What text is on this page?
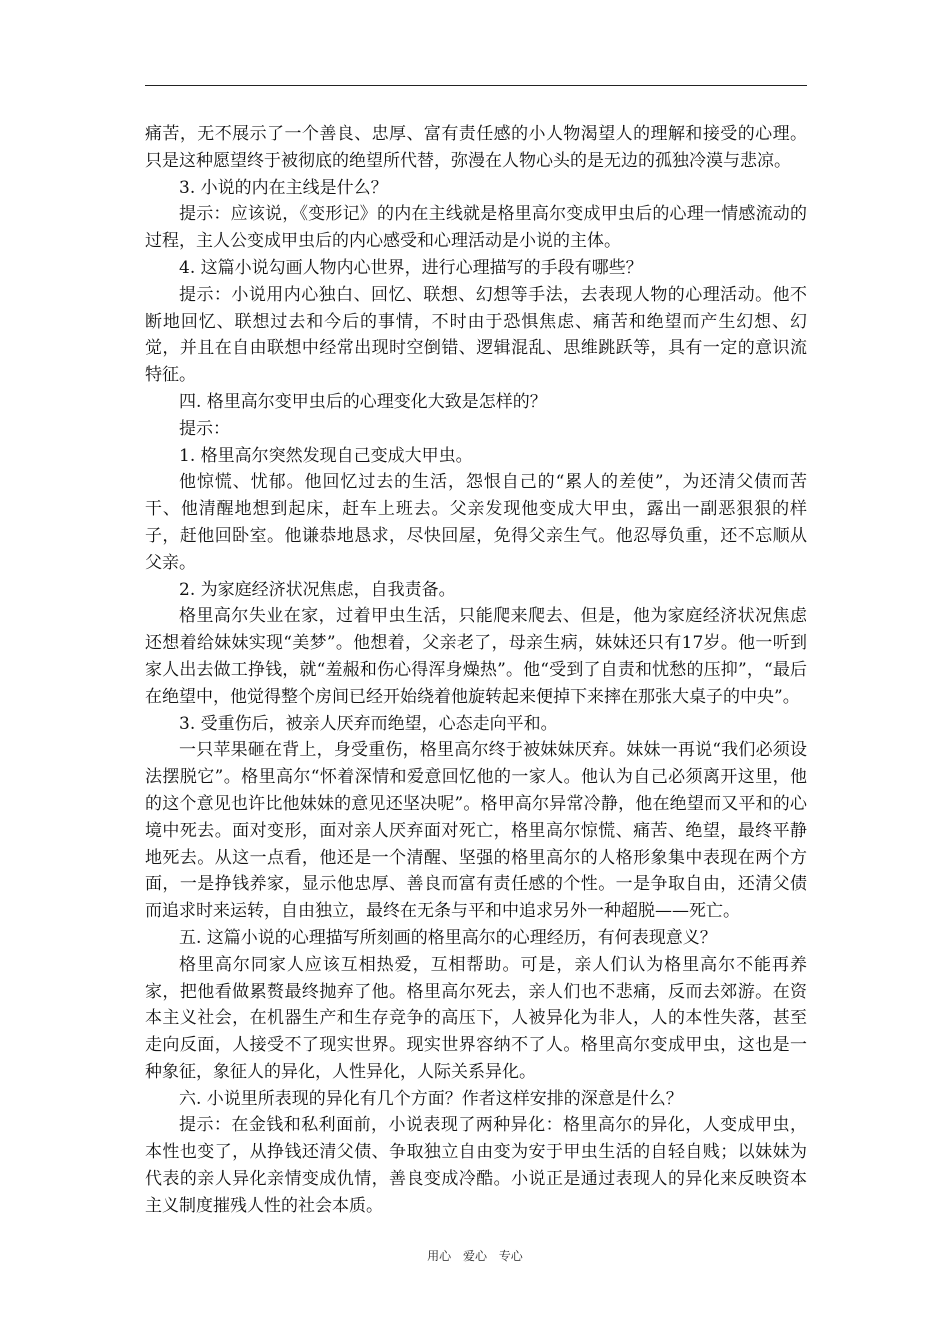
痛苦，无不展示了一个善良、忠厚、富有责任感的小人物渴望人的理解和接受的心理。只是这种愿望终于被彻底的绝望所代替，弥漫在人物心头的是无边的孤独冷漠与悲凉。

3. 小说的内在主线是什么？

提示：应该说，《变形记》的内在主线就是格里高尔变成甲虫后的心理一情感流动的过程，主人公变成甲虫后的内心感受和心理活动是小说的主体。

4. 这篇小说勾画人物内心世界，进行心理描写的手段有哪些？

提示：小说用内心独白、回忆、联想、幻想等手法，去表现人物的心理活动。他不断地回忆、联想过去和今后的事情，不时由于恐惧焦虑、痛苦和绝望而产生幻想、幻觉，并且在自由联想中经常出现时空倒错、逻辑混乱、思维跳跃等，具有一定的意识流特征。

四. 格里高尔变甲虫后的心理变化大致是怎样的？

提示：

1. 格里高尔突然发现自己变成大甲虫。

他惊慌、忧郁。他回忆过去的生活，怨恨自己的“累人的差使”，为还清父债而苦干、他清醒地想到起床，赶车上班去。父亲发现他变成大甲虫，露出一副恶狠狠的样子，赶他回卧室。他谦恭地恳求，尽快回屋，免得父亲生气。他忍辱负重，还不忘顺从父亲。

2. 为家庭经济状况焦虑，自我责备。

格里高尔失业在家，过着甲虫生活，只能爬来爬去、但是，他为家庭经济状况焦虑还想着给妹妹实现“美梦”。他想着，父亲老了，母亲生病，妹妹还只有17岁。他一听到家人出去做工挣钱，就“羞赧和伤心得浑身燥热”。他“受到了自责和忧愁的压抑”，“最后在绝望中，他觉得整个房间已经开始绕着他旋转起来便掉下来摔在那张大桌子的中央”。

3. 受重伤后，被亲人厌弃而绝望，心态走向平和。

一只苹果砸在背上，身受重伤，格里高尔终于被妹妹厌弃。妹妹一再说“我们必须设法摆脱它”。格里高尔“怀着深情和爱意回忆他的一家人。他认为自己必须离开这里，他的这个意见也许比他妹妹的意见还坚决呢”。格甲高尔异常冷静，他在绝望而又平和的心境中死去。面对变形，面对亲人厌弃面对死亡，格里高尔惊慌、痛苦、绝望，最终平静地死去。从这一点看，他还是一个清醒、坚强的格里高尔的人格形象集中表现在两个方面，一是挣钱养家，显示他忠厚、善良而富有责任感的个性。一是争取自由，还清父债而追求时来运转，自由独立，最终在无条与平和中追求另外一种超脱——死亡。

五. 这篇小说的心理描写所刻画的格里高尔的心理经历，有何表现意义？

格里高尔同家人应该互相热爱，互相帮助。可是，亲人们认为格里高尔不能再养家，把他看做累赘最终抛弃了他。格里高尔死去，亲人们也不悲痛，反而去郊游。在资本主义社会，在机器生产和生存竞争的高压下，人被异化为非人，人的本性失落，甚至走向反面，人接受不了现实世界。现实世界容纳不了人。格里高尔变成甲虫，这也是一种象征，象征人的异化，人性异化，人际关系异化。

六. 小说里所表现的异化有几个方面？作者这样安排的深意是什么？

提示：在金钱和私利面前，小说表现了两种异化：格里高尔的异化，人变成甲虫，本性也变了，从挣钱还清父债、争取独立自由变为安于甲虫生活的自轻自贱；以妹妹为代表的亲人异化亲情变成仇情，善良变成冷酷。小说正是通过表现人的异化来反映资本主义制度摧残人性的社会本质。

用心 爱心 专心
